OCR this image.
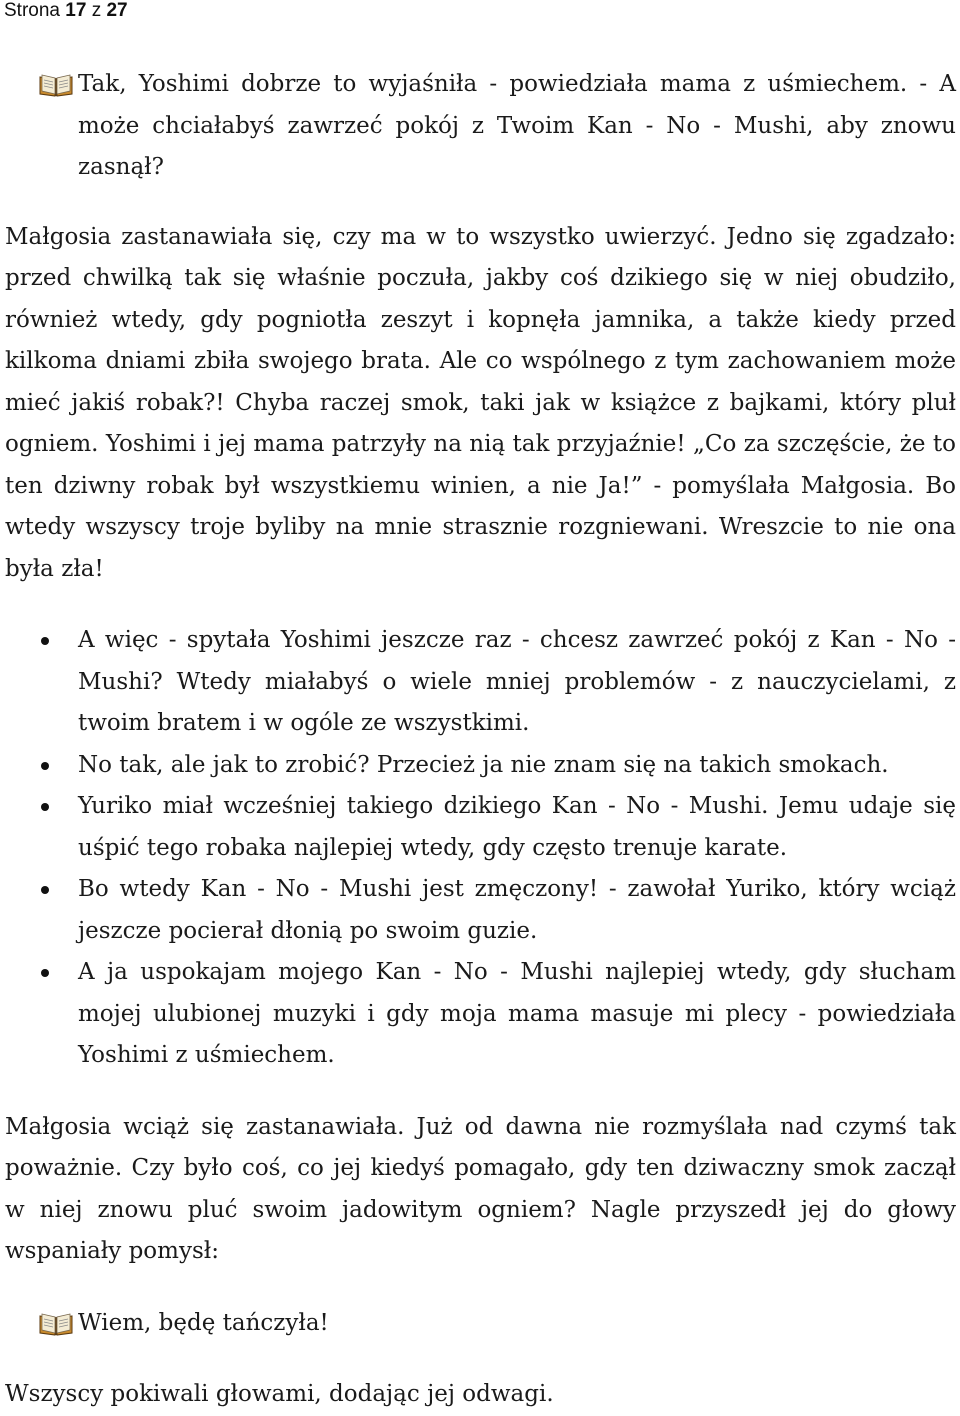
Strona 17 z 27

Tak, Yoshimi dobrze to wyjaśniła - powiedziała mama z uśmiechem. - A może chciałabyś zawrzeć pokój z Twoim Kan - No - Mushi, aby znowu zasnął?

Małgosia zastanawiała się, czy ma w to wszystko uwierzyć. Jedno się zgadzało: przed chwilką tak się właśnie poczuła, jakby coś dzikiego się w niej obudziło, również wtedy, gdy pogniotła zeszyt i kopnęła jamnika, a także kiedy przed kilkoma dniami zbiła swojego brata. Ale co wspólnego z tym zachowaniem może mieć jakiś robak?! Chyba raczej smok, taki jak w książce z bajkami, który pluł ogniem. Yoshimi i jej mama patrzyły na nią tak przyjaźnie! „Co za szczęście, że to ten dziwny robak był wszystkiemu winien, a nie Ja!” - pomyślała Małgosia. Bo wtedy wszyscy troje byliby na mnie strasznie rozgniewani. Wreszcie to nie ona była zła!

A więc - spytała Yoshimi jeszcze raz - chcesz zawrzeć pokój z Kan - No - Mushi? Wtedy miałabyś o wiele mniej problemów - z nauczycielami, z twoim bratem i w ogóle ze wszystkimi.
No tak, ale jak to zrobić? Przecież ja nie znam się na takich smokach.
Yuriko miał wcześniej takiego dzikiego Kan - No - Mushi. Jemu udaje się uśpić tego robaka najlepiej wtedy, gdy często trenuje karate.
Bo wtedy Kan - No - Mushi jest zmęczony! - zawołał Yuriko, który wciąż jeszcze pocierał dłonią po swoim guzie.
A ja uspokajam mojego Kan - No - Mushi najlepiej wtedy, gdy słucham mojej ulubionej muzyki i gdy moja mama masuje mi plecy - powiedziała Yoshimi z uśmiechem.

Małgosia wciąż się zastanawiała. Już od dawna nie rozmyślała nad czymś tak poważnie. Czy było coś, co jej kiedyś pomagało, gdy ten dziwaczny smok zaczął w niej znowu pluć swoim jadowitym ogniem? Nagle przyszedł jej do głowy wspaniały pomysł:

Wiem, będę tańczyła!

Wszyscy pokiwali głowami, dodając jej odwagi.
